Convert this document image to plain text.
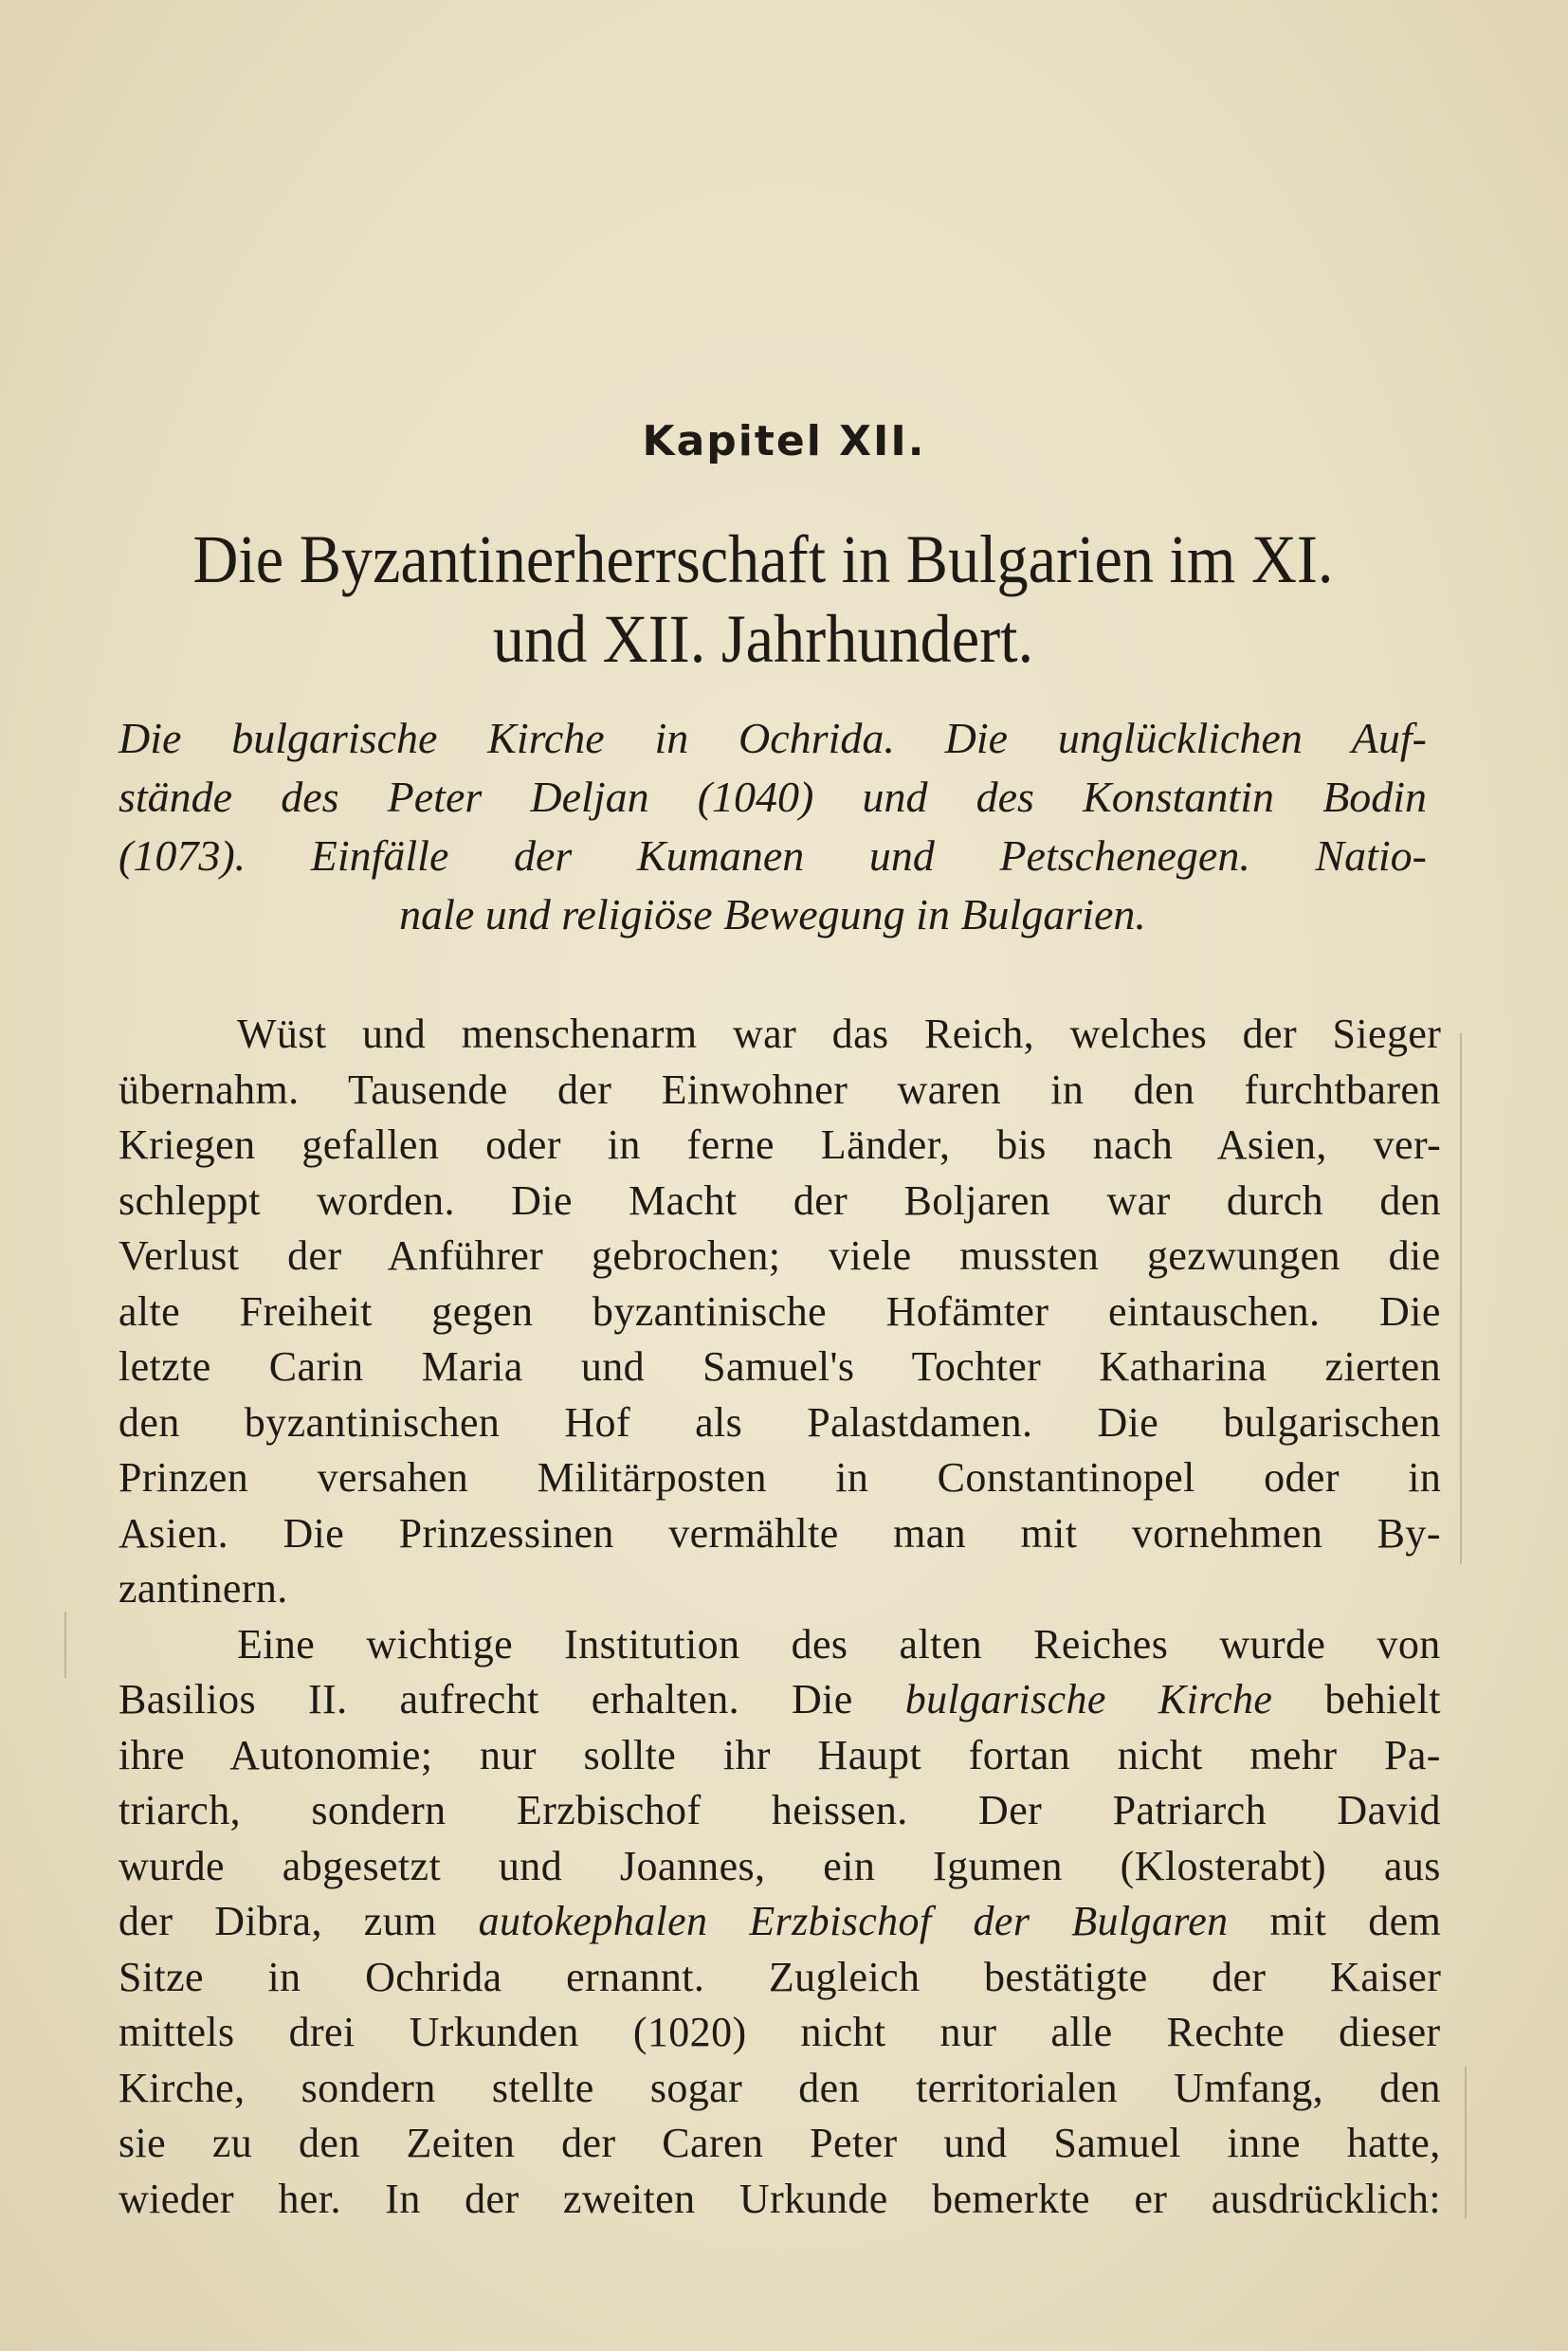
Kapitel XII.
Die Byzantinerherrschaft in Bulgarien im XI.
und XII. Jahrhundert.
Die bulgarische Kirche in Ochrida. Die unglücklichen Auf-
stände des Peter Deljan (1040) und des Konstantin Bodin
(1073). Einfälle der Kumanen und Petschenegen. Natio-
nale und religiöse Bewegung in Bulgarien.
Wüst und menschenarm war das Reich, welches der Sieger
übernahm. Tausende der Einwohner waren in den furchtbaren
Kriegen gefallen oder in ferne Länder, bis nach Asien, ver-
schleppt worden. Die Macht der Boljaren war durch den
Verlust der Anführer gebrochen; viele mussten gezwungen die
alte Freiheit gegen byzantinische Hofämter eintauschen. Die
letzte Carin Maria und Samuel's Tochter Katharina zierten
den byzantinischen Hof als Palastdamen. Die bulgarischen
Prinzen versahen Militärposten in Constantinopel oder in
Asien. Die Prinzessinen vermählte man mit vornehmen By-
zantinern.
Eine wichtige Institution des alten Reiches wurde von
Basilios II. aufrecht erhalten. Die bulgarische Kirche behielt
ihre Autonomie; nur sollte ihr Haupt fortan nicht mehr Pa-
triarch, sondern Erzbischof heissen. Der Patriarch David
wurde abgesetzt und Joannes, ein Igumen (Klosterabt) aus
der Dibra, zum autokephalen Erzbischof der Bulgaren mit dem
Sitze in Ochrida ernannt. Zugleich bestätigte der Kaiser
mittels drei Urkunden (1020) nicht nur alle Rechte dieser
Kirche, sondern stellte sogar den territorialen Umfang, den
sie zu den Zeiten der Caren Peter und Samuel inne hatte,
wieder her. In der zweiten Urkunde bemerkte er ausdrücklich:
